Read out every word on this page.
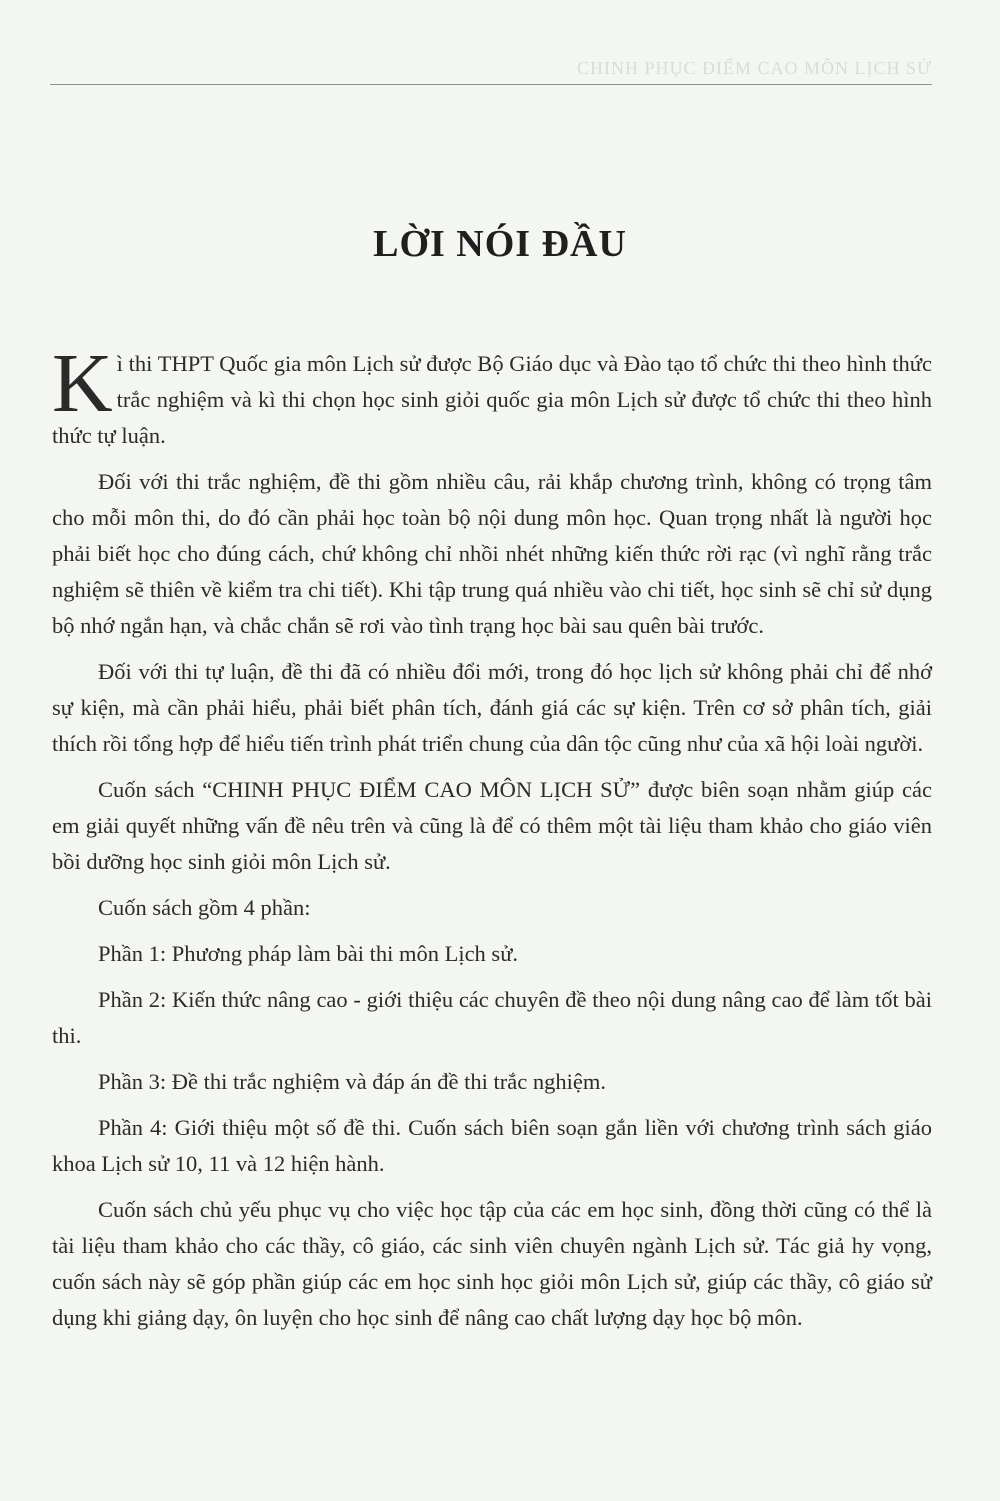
CHINH PHỤC ĐIỂM CAO MÔN LỊCH SỬ
LỜI NÓI ĐẦU

Kì thi THPT Quốc gia môn Lịch sử được Bộ Giáo dục và Đào tạo tổ chức thi theo hình thức trắc nghiệm và kì thi chọn học sinh giỏi quốc gia môn Lịch sử được tổ chức thi theo hình thức tự luận.

Đối với thi trắc nghiệm, đề thi gồm nhiều câu, rải khắp chương trình, không có trọng tâm cho mỗi môn thi, do đó cần phải học toàn bộ nội dung môn học. Quan trọng nhất là người học phải biết học cho đúng cách, chứ không chỉ nhồi nhét những kiến thức rời rạc (vì nghĩ rằng trắc nghiệm sẽ thiên về kiểm tra chi tiết). Khi tập trung quá nhiều vào chi tiết, học sinh sẽ chỉ sử dụng bộ nhớ ngắn hạn, và chắc chắn sẽ rơi vào tình trạng học bài sau quên bài trước.

Đối với thi tự luận, đề thi đã có nhiều đổi mới, trong đó học lịch sử không phải chỉ để nhớ sự kiện, mà cần phải hiểu, phải biết phân tích, đánh giá các sự kiện. Trên cơ sở phân tích, giải thích rồi tổng hợp để hiểu tiến trình phát triển chung của dân tộc cũng như của xã hội loài người.

Cuốn sách “CHINH PHỤC ĐIỂM CAO MÔN LỊCH SỬ” được biên soạn nhằm giúp các em giải quyết những vấn đề nêu trên và cũng là để có thêm một tài liệu tham khảo cho giáo viên bồi dưỡng học sinh giỏi môn Lịch sử.

Cuốn sách gồm 4 phần:

Phần 1: Phương pháp làm bài thi môn Lịch sử.

Phần 2: Kiến thức nâng cao - giới thiệu các chuyên đề theo nội dung nâng cao để làm tốt bài thi.

Phần 3: Đề thi trắc nghiệm và đáp án đề thi trắc nghiệm.

Phần 4: Giới thiệu một số đề thi. Cuốn sách biên soạn gắn liền với chương trình sách giáo khoa Lịch sử 10, 11 và 12 hiện hành.

Cuốn sách chủ yếu phục vụ cho việc học tập của các em học sinh, đồng thời cũng có thể là tài liệu tham khảo cho các thầy, cô giáo, các sinh viên chuyên ngành Lịch sử. Tác giả hy vọng, cuốn sách này sẽ góp phần giúp các em học sinh học giỏi môn Lịch sử, giúp các thầy, cô giáo sử dụng khi giảng dạy, ôn luyện cho học sinh để nâng cao chất lượng dạy học bộ môn.
